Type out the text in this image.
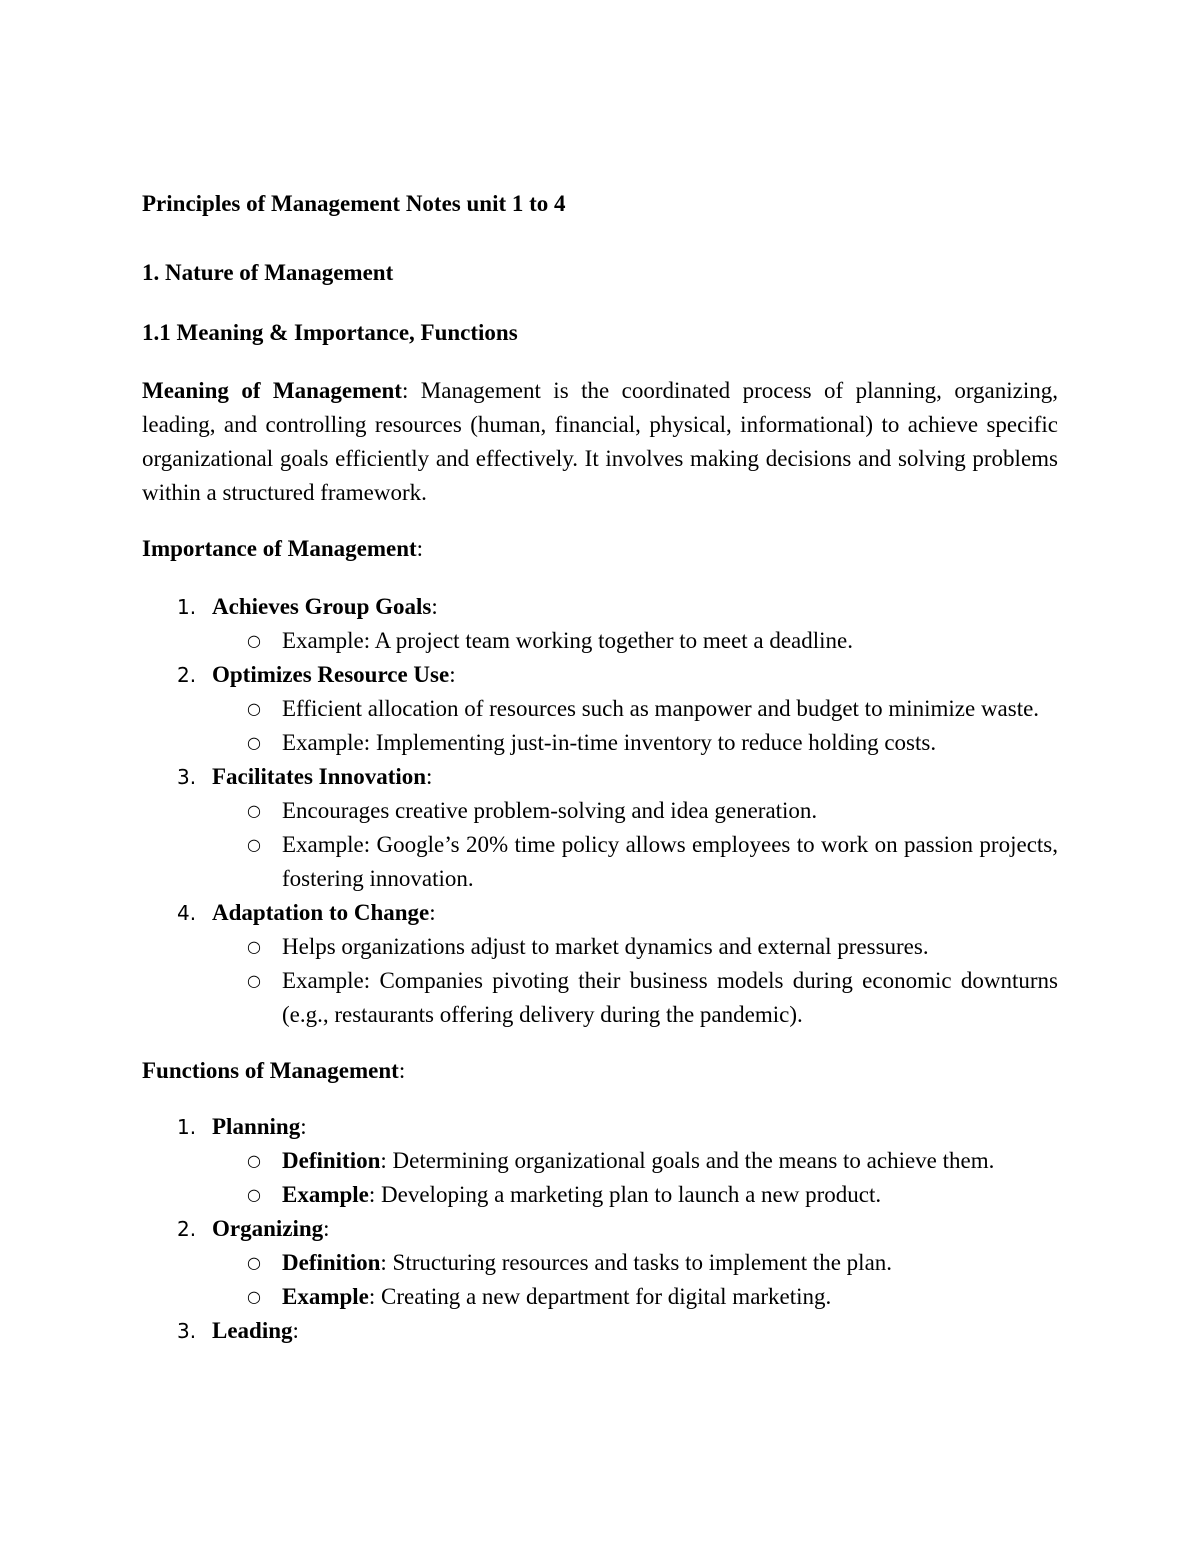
Principles of Management Notes unit 1 to 4

1. Nature of Management

1.1 Meaning & Importance, Functions

Meaning of Management: Management is the coordinated process of planning, organizing, leading, and controlling resources (human, financial, physical, informational) to achieve specific organizational goals efficiently and effectively. It involves making decisions and solving problems within a structured framework.

Importance of Management:

1. Achieves Group Goals:
○ Example: A project team working together to meet a deadline.
2. Optimizes Resource Use:
○ Efficient allocation of resources such as manpower and budget to minimize waste.
○ Example: Implementing just-in-time inventory to reduce holding costs.
3. Facilitates Innovation:
○ Encourages creative problem-solving and idea generation.
○ Example: Google’s 20% time policy allows employees to work on passion projects, fostering innovation.
4. Adaptation to Change:
○ Helps organizations adjust to market dynamics and external pressures.
○ Example: Companies pivoting their business models during economic downturns (e.g., restaurants offering delivery during the pandemic).

Functions of Management:

1. Planning:
○ Definition: Determining organizational goals and the means to achieve them.
○ Example: Developing a marketing plan to launch a new product.
2. Organizing:
○ Definition: Structuring resources and tasks to implement the plan.
○ Example: Creating a new department for digital marketing.
3. Leading:
